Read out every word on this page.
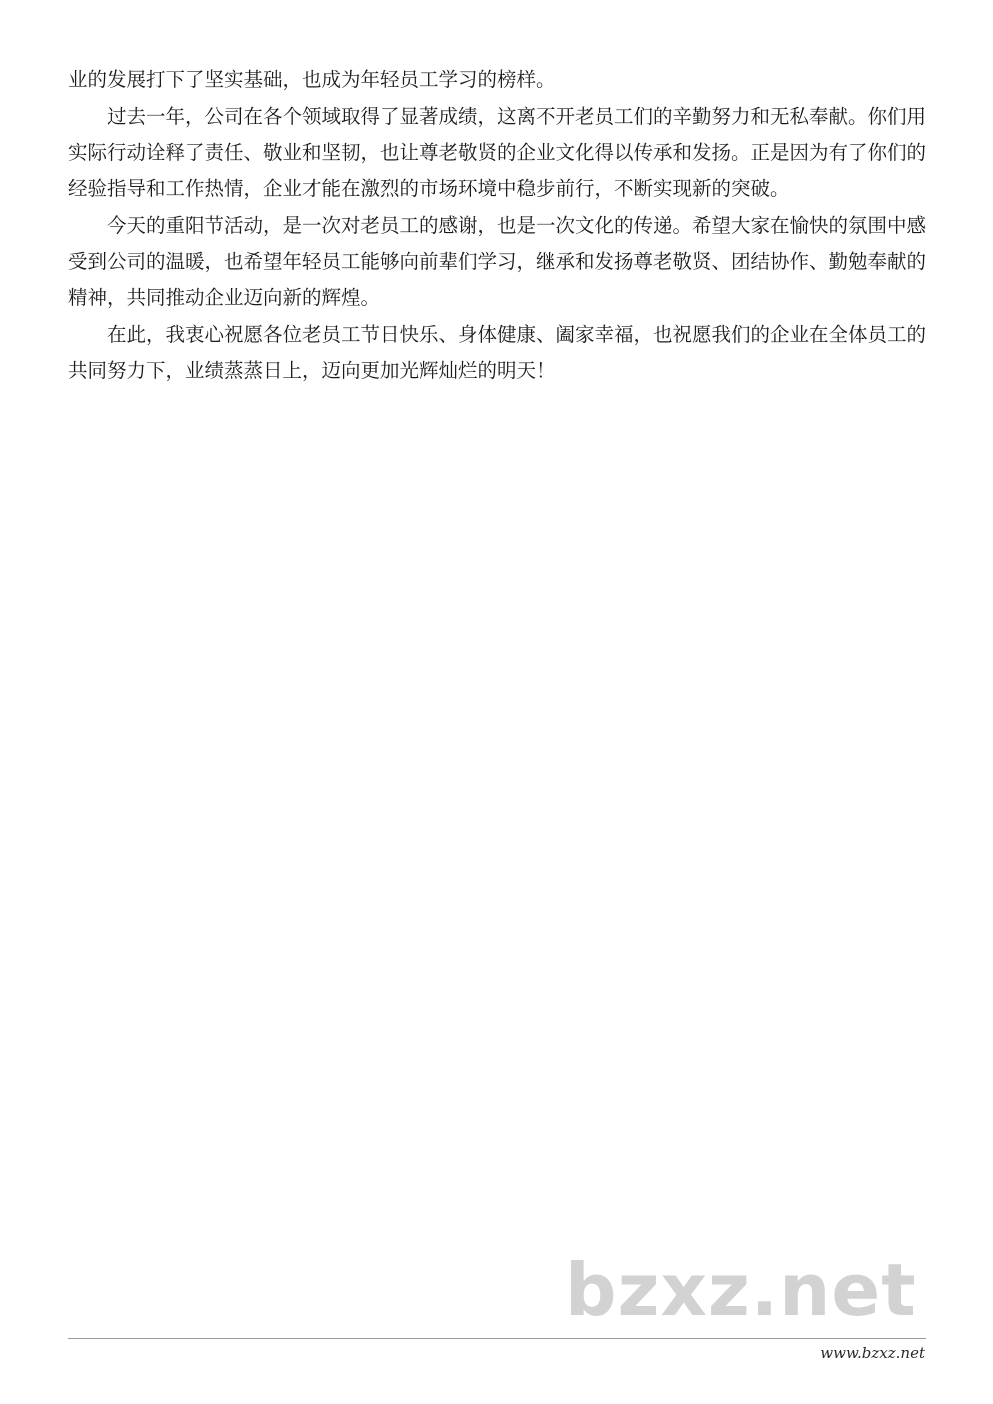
业的发展打下了坚实基础，也成为年轻员工学习的榜样。

过去一年，公司在各个领域取得了显著成绩，这离不开老员工们的辛勤努力和无私奉献。你们用实际行动诠释了责任、敬业和坚韧，也让尊老敬贤的企业文化得以传承和发扬。正是因为有了你们的经验指导和工作热情，企业才能在激烈的市场环境中稳步前行，不断实现新的突破。

今天的重阳节活动，是一次对老员工的感谢，也是一次文化的传递。希望大家在愉快的氛围中感受到公司的温暖，也希望年轻员工能够向前辈们学习，继承和发扬尊老敬贤、团结协作、勤勉奉献的精神，共同推动企业迈向新的辉煌。

在此，我衷心祝愿各位老员工节日快乐、身体健康、阖家幸福，也祝愿我们的企业在全体员工的共同努力下，业绩蒸蒸日上，迈向更加光辉灿烂的明天！

bzxz.net
www.bzxz.net
